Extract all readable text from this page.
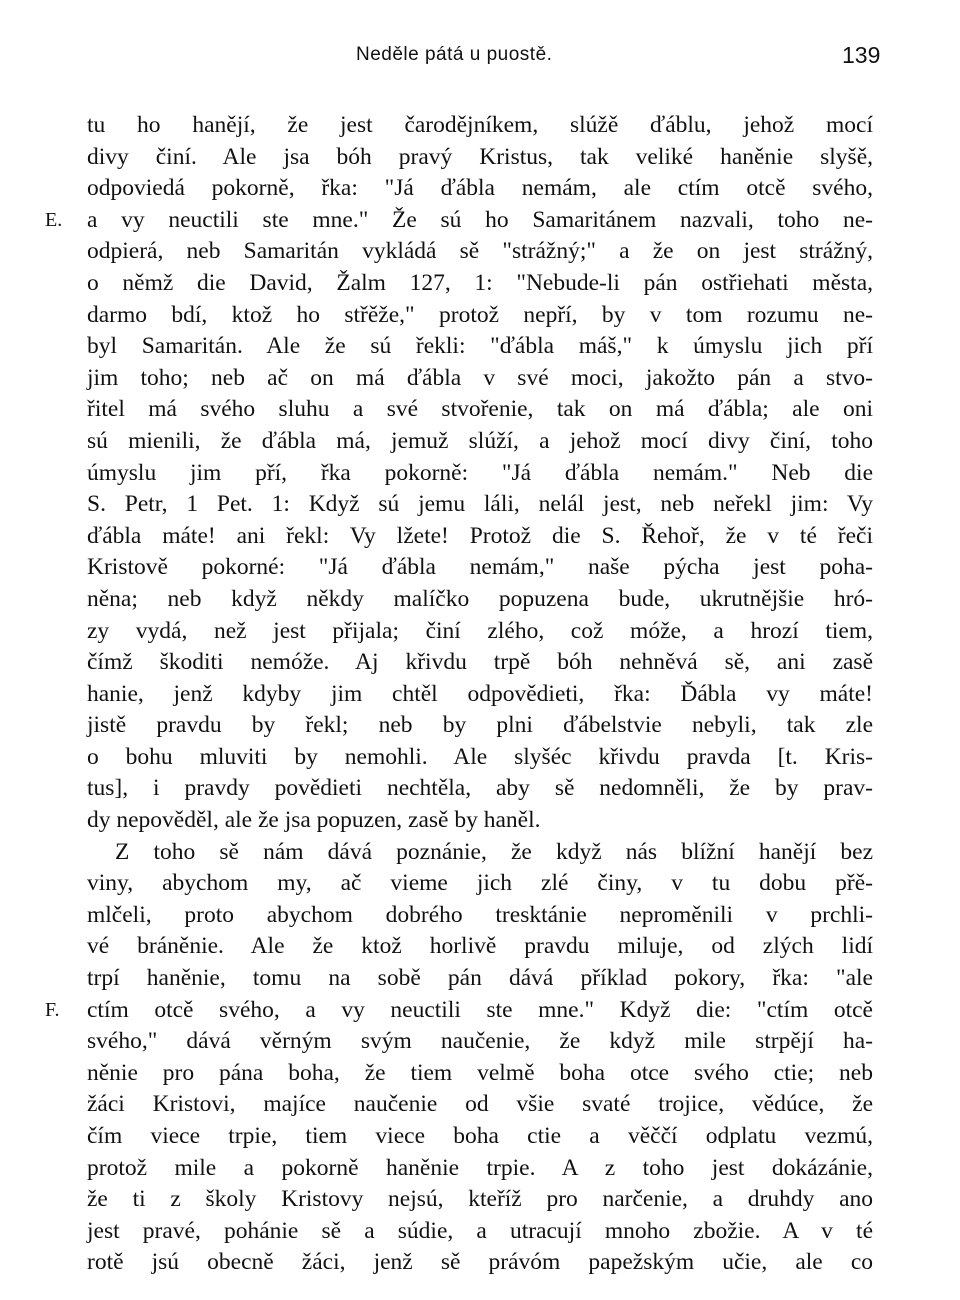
Neděle pátá u puostě.	139
tu ho hanějí, že jest čarodějníkem, slúžě ďáblu, jehož mocí
divy činí. Ale jsa bóh pravý Kristus, tak veliké haněnie slyšě,
odpoviedá pokorně, řka: "Já ďábla nemám, ale ctím otcě svého,
E. a vy neuctili ste mne." Že sú ho Samaritánem nazvali, toho ne-
odpierá, neb Samaritán vykládá sě "strážný;" a že on jest strážný,
o němž die David, Žalm 127, 1: "Nebude-li pán ostřiehati města,
darmo bdí, ktož ho střěže," protož nepří, by v tom rozumu ne-
byl Samaritán. Ale že sú řekli: "ďábla máš," k úmyslu jich pří
jim toho; neb ač on má ďábla v své moci, jakožto pán a stvo-
řitel má svého sluhu a své stvořenie, tak on má ďábla; ale oni
sú mienili, že ďábla má, jemuž slúží, a jehož mocí divy činí, toho
úmyslu jim pří, řka pokorně: "Já ďábla nemám." Neb die
S. Petr, 1 Pet. 1: Když sú jemu láli, nelál jest, neb neřekl jim: Vy
ďábla máte! ani řekl: Vy lžete! Protož die S. Řehoř, že v té řeči
Kristově pokorné: "Já ďábla nemám," naše pýcha jest poha-
něna; neb když někdy malíčko popuzena bude, ukrutnějšie hró-
zy vydá, než jest přijala; činí zlého, což móže, a hrozí tiem,
čímž škoditi nemóže. Aj křivdu trpě bóh nehněvá sě, ani zasě
hanie, jenž kdyby jim chtěl odpovědieti, řka: Ďábla vy máte!
jistě pravdu by řekl; neb by plni ďábelstvie nebyli, tak zle
o bohu mluviti by nemohli. Ale slyšéc křivdu pravda [t. Kris-
tus], i pravdy povědieti nechtěla, aby sě nedomněli, že by prav-
dy nepověděl, ale že jsa popuzen, zasě by haněl.
Z toho sě nám dává poznánie, že když nás blížní hanějí bez
viny, abychom my, ač vieme jich zlé činy, v tu dobu přě-
mlčeli, proto abychom dobrého tresktánie neproměnili v prchli-
vé bráněnie. Ale že ktož horlivě pravdu miluje, od zlých lidí
trpí haněnie, tomu na sobě pán dává příklad pokory, řka: "ale
F. ctím otcě svého, a vy neuctili ste mne." Když die: "ctím otcě
svého," dává věrným svým naučenie, že když mile strpějí ha-
něnie pro pána boha, že tiem velmě boha otce svého ctie; neb
žáci Kristovi, majíce naučenie od všie svaté trojice, vědúce, že
čím viece trpie, tiem viece boha ctie a věččí odplatu vezmú,
protož mile a pokorně haněnie trpie. A z toho jest dokázánie,
že ti z školy Kristovy nejsú, kteříž pro narčenie, a druhdy ano
jest pravé, pohánie sě a súdie, a utracují mnoho zbožie. A v té
rotě jsú obecně žáci, jenž sě právóm papežským učie, ale co
